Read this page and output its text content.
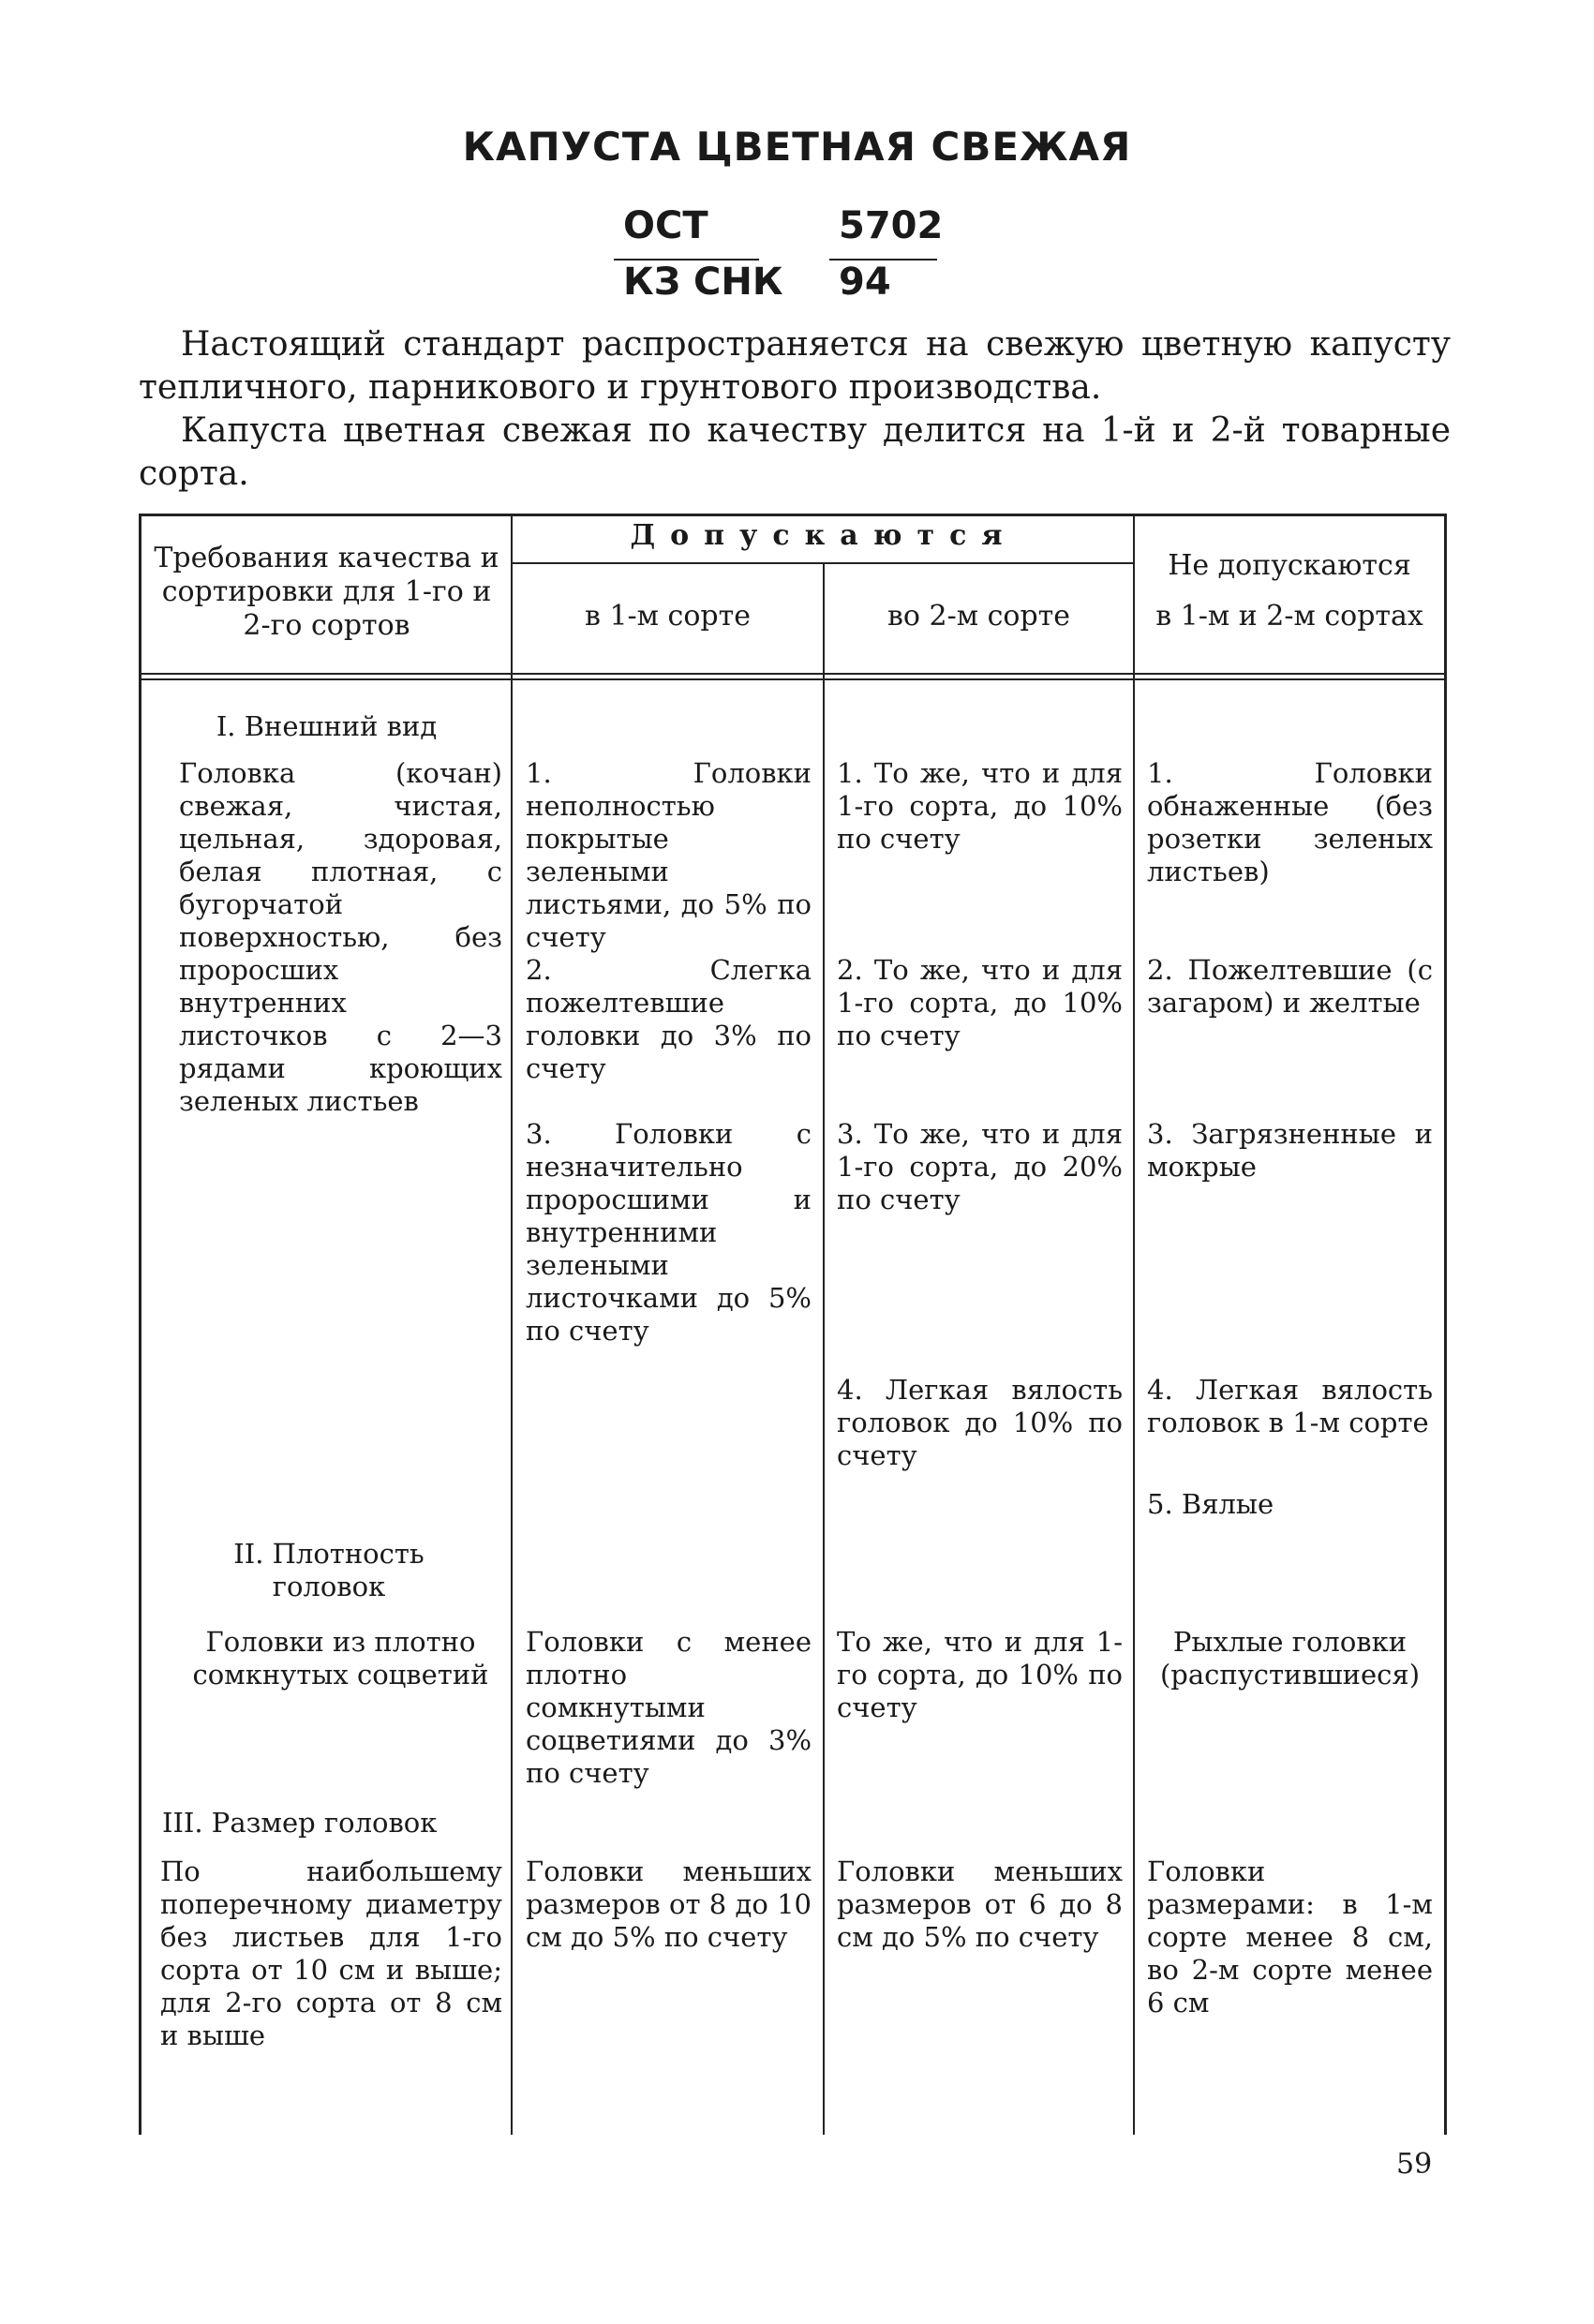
КАПУСТА ЦВЕТНАЯ СВЕЖАЯ
ОСТ	5702
КЗ СНК 94

Настоящий стандарт распространяется на свежую цветную капусту тепличного, парникового и грунтового производства.

Капуста цветная свежая по качеству делится на 1-й и 2-й товарные сорта.

Требования качества и сортировки для 1-го и 2-го сортов
Допускаются
в 1-м сорте	во 2-м сорте
Не допускаются
в 1-м и 2-м сортах
I. Внешний вид
Головка (кочан) свежая, чистая, цельная, здоровая, белая плотная, с бугорчатой поверхностью, без проросших внутренних листочков с 2—3 рядами кроющих зеленых листьев
1. Головки неполностью покрытые зелеными листьями, до 5% по счету
2. Слегка пожелтевшие головки до 3% по счету
3. Головки с незначительно проросшими и внутренними зелеными листочками до 5% по счету
1. То же, что и для 1-го сорта, до 10% по счету
2. То же, что и для 1-го сорта, до 10% по счету
3. То же, что и для 1-го сорта, до 20% по счету
4. Легкая вялость головок до 10% по счету
1. Головки обнаженные (без розетки зеленых листьев)
2. Пожелтевшие (с загаром) и желтые
3. Загрязненные и мокрые
4. Легкая вялость головок в 1-м сорте
5. Вялые
II. Плотность головок
Головки из плотно сомкнутых соцветий
Головки с менее плотно сомкнутыми соцветиями до 3% по счету
То же, что и для 1-го сорта, до 10% по счету
Рыхлые головки (распустившиеся)
III. Размер головок
По наибольшему поперечному диаметру без листьев для 1-го сорта от 10 см и выше; для 2-го сорта от 8 см и выше
Головки меньших размеров от 8 до 10 см до 5% по счету
Головки меньших размеров от 6 до 8 см до 5% по счету
Головки размерами: в 1-м сорте менее 8 см, во 2-м сорте менее 6 см
59
